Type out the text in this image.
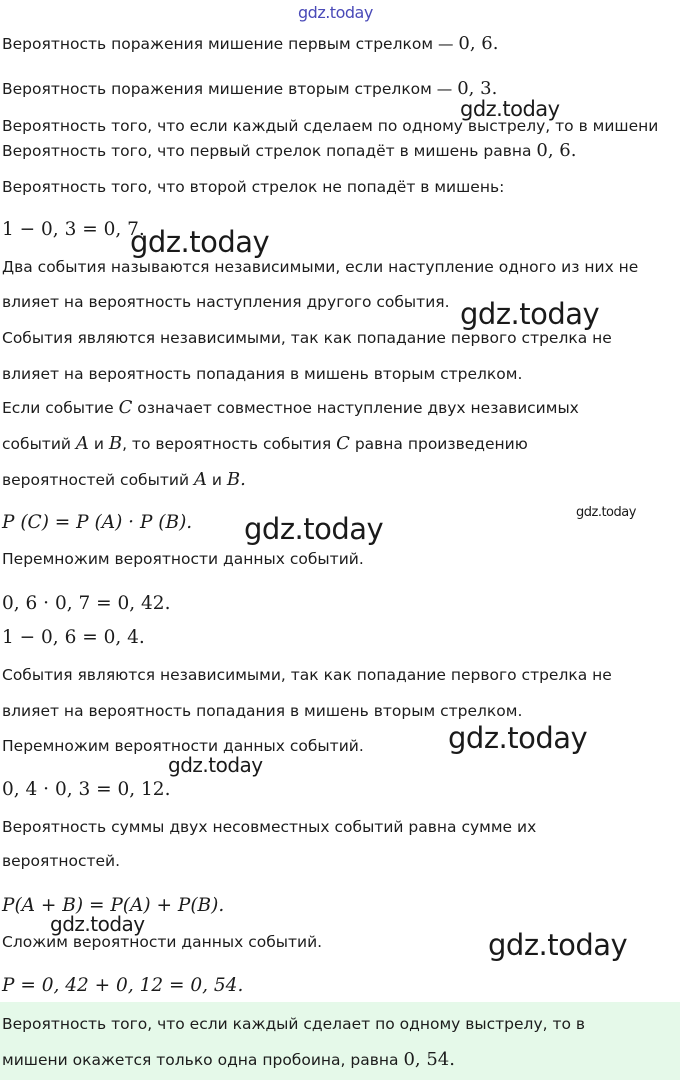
Вероятность поражения мишение первым стрелком — 0, 6.

Вероятность поражения мишение вторым стрелком — 0, 3.

Вероятность того, что если каждый сделаем по одному выстрелу, то в мишени

Вероятность того, что первый стрелок попадёт в мишень равна 0, 6.

Вероятность того, что второй стрелок не попадёт в мишень:

1 − 0, 3 = 0, 7.

Два события называются независимыми, если наступление одного из них не

влияет на вероятность наступления другого события.

События являются независимыми, так как попадание первого стрелка не

влияет на вероятность попадания в мишень вторым стрелком.

Если событие C означает совместное наступление двух независимых

событий A и B, то вероятность события C равна произведению

вероятностей событий A и B.

P (C) = P (A) · P (B).

Перемножим вероятности данных событий.

0, 6 · 0, 7 = 0, 42.

1 − 0, 6 = 0, 4.

События являются независимыми, так как попадание первого стрелка не

влияет на вероятность попадания в мишень вторым стрелком.

Перемножим вероятности данных событий.

0, 4 · 0, 3 = 0, 12.

Вероятность суммы двух несовместных событий равна сумме их

вероятностей.

P(A + B) = P(A) + P(B).

Сложим вероятности данных событий.

P = 0, 42 + 0, 12 = 0, 54.

Вероятность того, что если каждый сделает по одному выстрелу, то в

мишени окажется только одна пробоина, равна 0, 54.

gdz.today
gdz.today
gdz.today
gdz.today
gdz.today
gdz.today
gdz.today
gdz.today
gdz.today
gdz.today
